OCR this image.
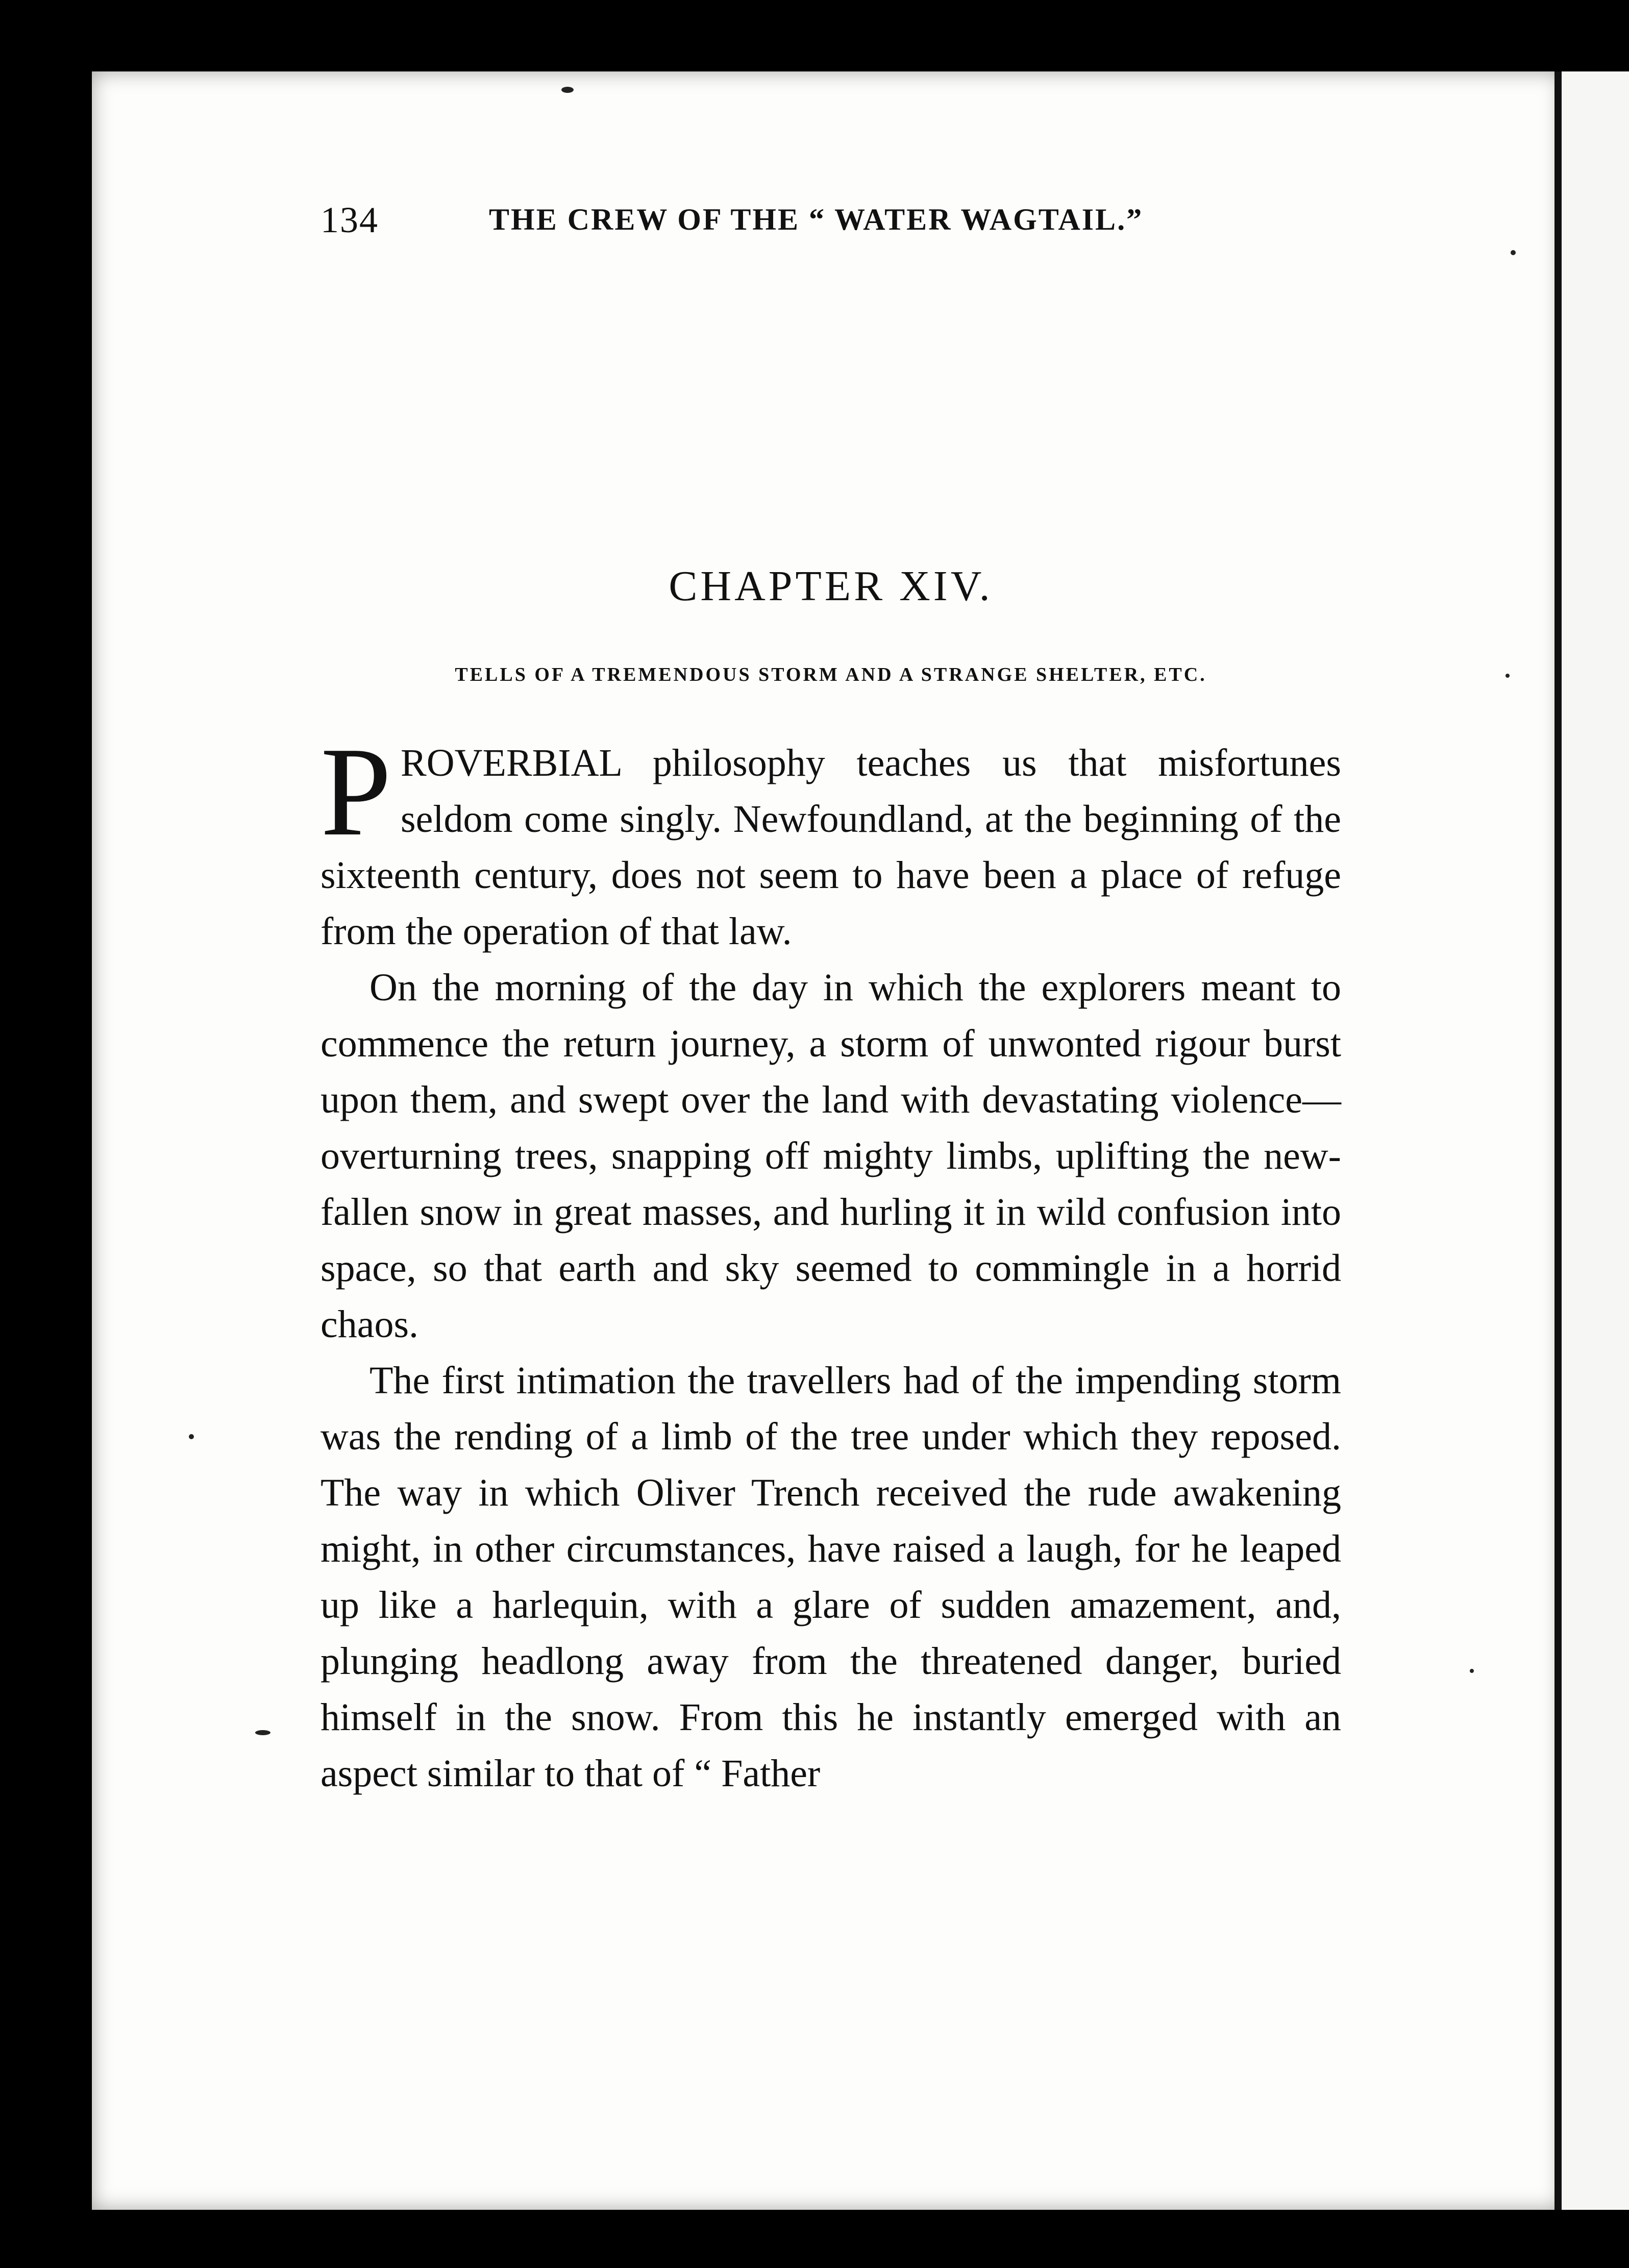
134	THE CREW OF THE “ WATER WAGTAIL.”
CHAPTER XIV.
TELLS OF A TREMENDOUS STORM AND A STRANGE SHELTER, ETC.

PROVERBIAL philosophy teaches us that misfortunes seldom come singly. Newfoundland, at the beginning of the sixteenth century, does not seem to have been a place of refuge from the operation of that law.

On the morning of the day in which the explorers meant to commence the return journey, a storm of unwonted rigour burst upon them, and swept over the land with devastating violence—overturning trees, snapping off mighty limbs, uplifting the new-fallen snow in great masses, and hurling it in wild confusion into space, so that earth and sky seemed to commingle in a horrid chaos.

The first intimation the travellers had of the impending storm was the rending of a limb of the tree under which they reposed. The way in which Oliver Trench received the rude awakening might, in other circumstances, have raised a laugh, for he leaped up like a harlequin, with a glare of sudden amazement, and, plunging headlong away from the threatened danger, buried himself in the snow. From this he instantly emerged with an aspect similar to that of “ Father
